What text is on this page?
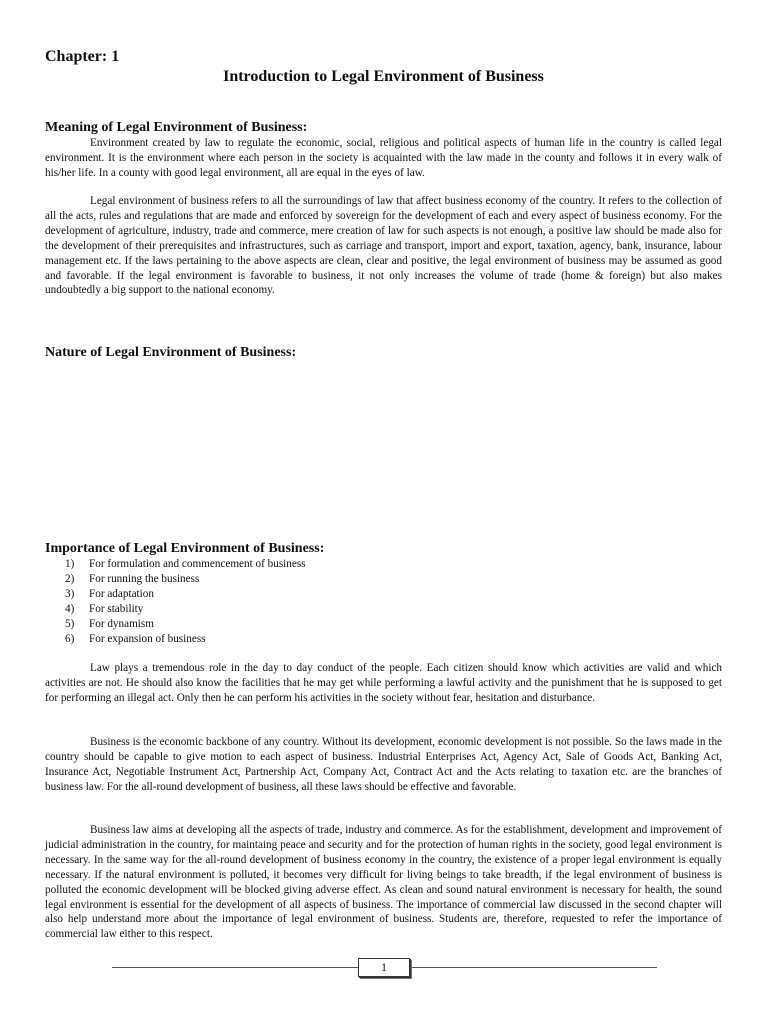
Chapter: 1
Introduction to Legal Environment of Business
Meaning of Legal Environment of Business:

Environment created by law to regulate the economic, social, religious and political aspects of human life in the country is called legal environment. It is the environment where each person in the society is acquainted with the law made in the county and follows it in every walk of his/her life. In a county with good legal environment, all are equal in the eyes of law.

Legal environment of business refers to all the surroundings of law that affect business economy of the country. It refers to the collection of all the acts, rules and regulations that are made and enforced by sovereign for the development of each and every aspect of business economy. For the development of agriculture, industry, trade and commerce, mere creation of law for such aspects is not enough, a positive law should be made also for the development of their prerequisites and infrastructures, such as carriage and transport, import and export, taxation, agency, bank, insurance, labour management etc. If the laws pertaining to the above aspects are clean, clear and positive, the legal environment of business may be assumed as good and favorable. If the legal environment is favorable to business, it not only increases the volume of trade (home & foreign) but also makes undoubtedly a big support to the national economy.

Nature of Legal Environment of Business:
Importance of Legal Environment of Business:
1) For formulation and commencement of business
2) For running the business
3) For adaptation
4) For stability
5) For dynamism
6) For expansion of business

Law plays a tremendous role in the day to day conduct of the people. Each citizen should know which activities are valid and which activities are not. He should also know the facilities that he may get while performing a lawful activity and the punishment that he is supposed to get for performing an illegal act. Only then he can perform his activities in the society without fear, hesitation and disturbance.

Business is the economic backbone of any country. Without its development, economic development is not possible. So the laws made in the country should be capable to give motion to each aspect of business. Industrial Enterprises Act, Agency Act, Sale of Goods Act, Banking Act, Insurance Act, Negotiable Instrument Act, Partnership Act, Company Act, Contract Act and the Acts relating to taxation etc. are the branches of business law. For the all-round development of business, all these laws should be effective and favorable.

Business law aims at developing all the aspects of trade, industry and commerce. As for the establishment, development and improvement of judicial administration in the country, for maintaing peace and security and for the protection of human rights in the society, good legal environment is necessary. In the same way for the all-round development of business economy in the country, the existence of a proper legal environment is equally necessary. If the natural environment is polluted, it becomes very difficult for living beings to take breadth, if the legal environment of business is polluted the economic development will be blocked giving adverse effect. As clean and sound natural environment is necessary for health, the sound legal environment is essential for the development of all aspects of business. The importance of commercial law discussed in the second chapter will also help understand more about the importance of legal environment of business. Students are, therefore, requested to refer the importance of commercial law either to this respect.

1
